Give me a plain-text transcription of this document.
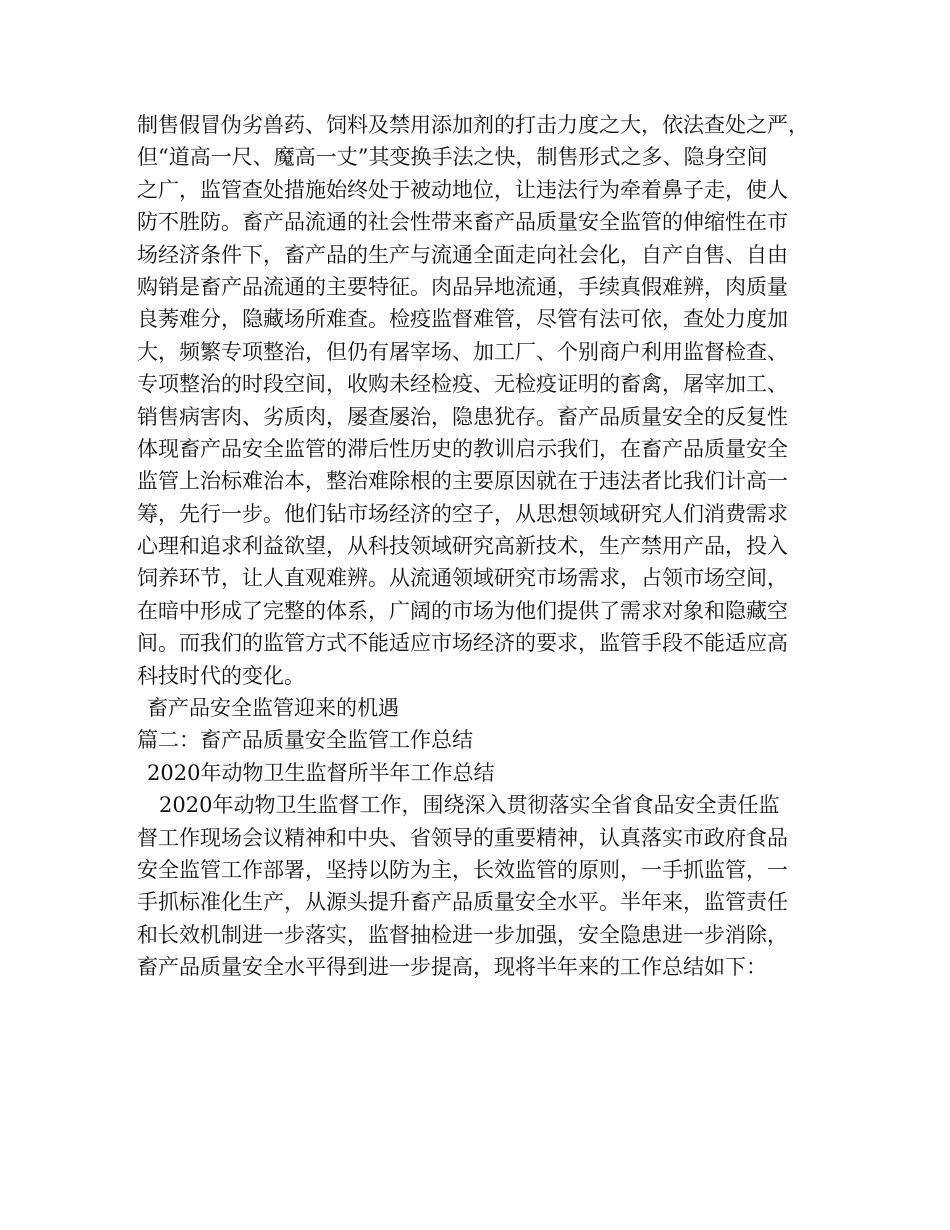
制售假冒伪劣兽药、饲料及禁用添加剂的打击力度之大，依法查处之严，
但“道高一尺、魔高一丈”其变换手法之快，制售形式之多、隐身空间
之广，监管查处措施始终处于被动地位，让违法行为牵着鼻子走，使人
防不胜防。畜产品流通的社会性带来畜产品质量安全监管的伸缩性在市
场经济条件下，畜产品的生产与流通全面走向社会化，自产自售、自由
购销是畜产品流通的主要特征。肉品异地流通，手续真假难辨，肉质量
良莠难分，隐藏场所难查。检疫监督难管，尽管有法可依，查处力度加
大，频繁专项整治，但仍有屠宰场、加工厂、个别商户利用监督检查、
专项整治的时段空间，收购未经检疫、无检疫证明的畜禽，屠宰加工、
销售病害肉、劣质肉，屡查屡治，隐患犹存。畜产品质量安全的反复性
体现畜产品安全监管的滞后性历史的教训启示我们，在畜产品质量安全
监管上治标难治本，整治难除根的主要原因就在于违法者比我们计高一
筹，先行一步。他们钻市场经济的空子，从思想领域研究人们消费需求
心理和追求利益欲望，从科技领域研究高新技术，生产禁用产品，投入
饲养环节，让人直观难辨。从流通领域研究市场需求，占领市场空间，
在暗中形成了完整的体系，广阔的市场为他们提供了需求对象和隐藏空
间。而我们的监管方式不能适应市场经济的要求，监管手段不能适应高
科技时代的变化。
畜产品安全监管迎来的机遇
篇二：畜产品质量安全监管工作总结
2020年动物卫生监督所半年工作总结
2020年动物卫生监督工作，围绕深入贯彻落实全省食品安全责任监
督工作现场会议精神和中央、省领导的重要精神，认真落实市政府食品
安全监管工作部署，坚持以防为主，长效监管的原则，一手抓监管，一
手抓标准化生产，从源头提升畜产品质量安全水平。半年来，监管责任
和长效机制进一步落实，监督抽检进一步加强，安全隐患进一步消除，
畜产品质量安全水平得到进一步提高，现将半年来的工作总结如下：
